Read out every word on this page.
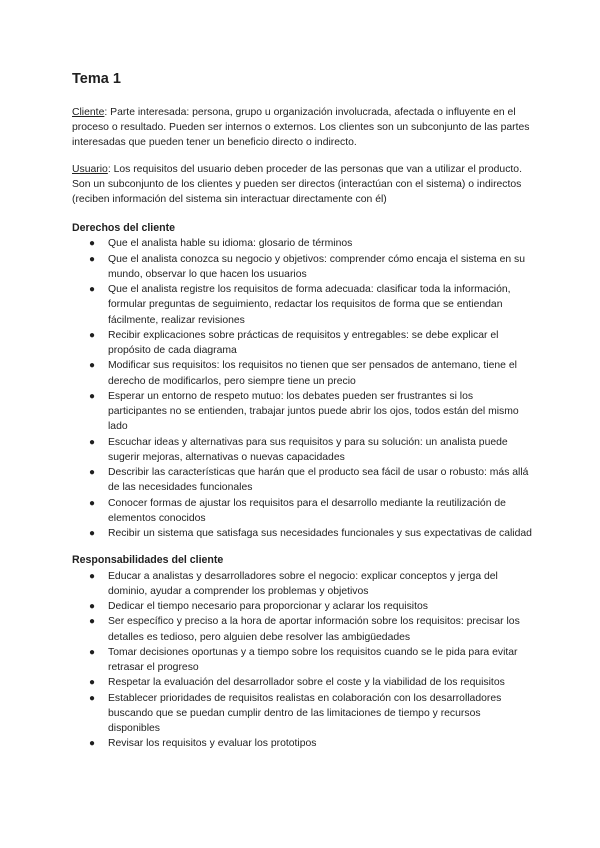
Tema 1

Cliente: Parte interesada: persona, grupo u organización involucrada, afectada o influyente en el proceso o resultado. Pueden ser internos o externos. Los clientes son un subconjunto de las partes interesadas que pueden tener un beneficio directo o indirecto.

Usuario: Los requisitos del usuario deben proceder de las personas que van a utilizar el producto. Son un subconjunto de los clientes y pueden ser directos (interactúan con el sistema) o indirectos (reciben información del sistema sin interactuar directamente con él)

Derechos del cliente
● Que el analista hable su idioma: glosario de términos
● Que el analista conozca su negocio y objetivos: comprender cómo encaja el sistema en su mundo, observar lo que hacen los usuarios
● Que el analista registre los requisitos de forma adecuada: clasificar toda la información, formular preguntas de seguimiento, redactar los requisitos de forma que se entiendan fácilmente, realizar revisiones
● Recibir explicaciones sobre prácticas de requisitos y entregables: se debe explicar el propósito de cada diagrama
● Modificar sus requisitos: los requisitos no tienen que ser pensados de antemano, tiene el derecho de modificarlos, pero siempre tiene un precio
● Esperar un entorno de respeto mutuo: los debates pueden ser frustrantes si los participantes no se entienden, trabajar juntos puede abrir los ojos, todos están del mismo lado
● Escuchar ideas y alternativas para sus requisitos y para su solución: un analista puede sugerir mejoras, alternativas o nuevas capacidades
● Describir las características que harán que el producto sea fácil de usar o robusto: más allá de las necesidades funcionales
● Conocer formas de ajustar los requisitos para el desarrollo mediante la reutilización de elementos conocidos
● Recibir un sistema que satisfaga sus necesidades funcionales y sus expectativas de calidad
Responsabilidades del cliente
● Educar a analistas y desarrolladores sobre el negocio: explicar conceptos y jerga del dominio, ayudar a comprender los problemas y objetivos
● Dedicar el tiempo necesario para proporcionar y aclarar los requisitos
● Ser específico y preciso a la hora de aportar información sobre los requisitos: precisar los detalles es tedioso, pero alguien debe resolver las ambigüedades
● Tomar decisiones oportunas y a tiempo sobre los requisitos cuando se le pida para evitar retrasar el progreso
● Respetar la evaluación del desarrollador sobre el coste y la viabilidad de los requisitos
● Establecer prioridades de requisitos realistas en colaboración con los desarrolladores buscando que se puedan cumplir dentro de las limitaciones de tiempo y recursos disponibles
● Revisar los requisitos y evaluar los prototipos
